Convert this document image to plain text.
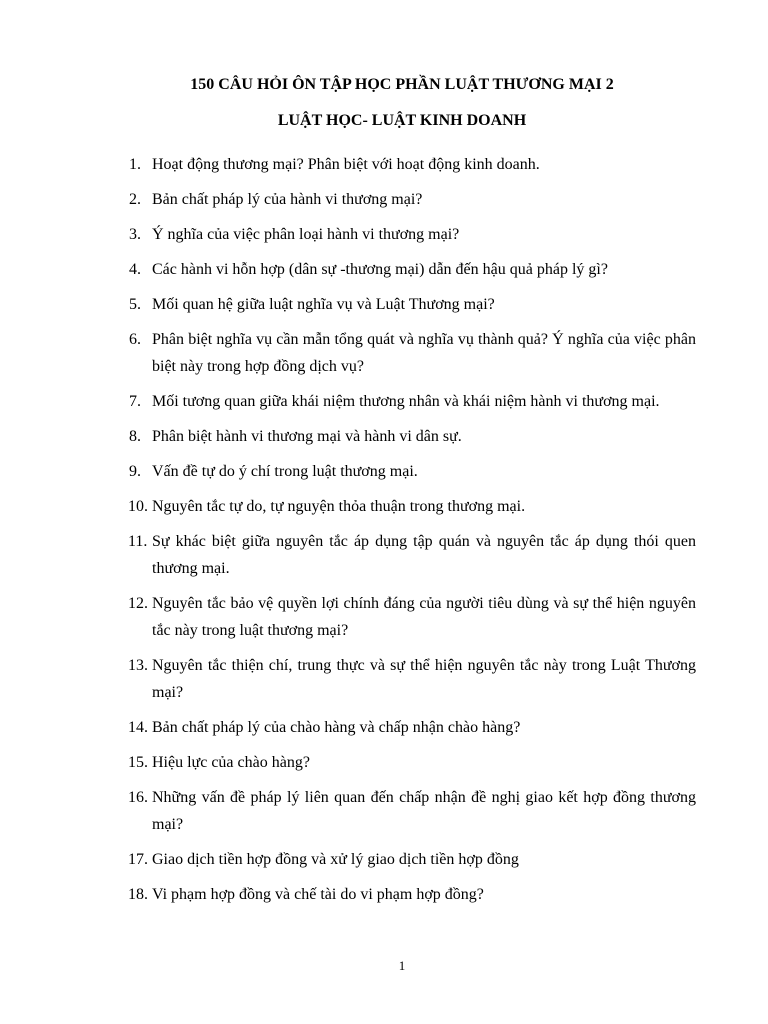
150 CÂU HỎI ÔN TẬP HỌC PHẦN LUẬT THƯƠNG MẠI 2
LUẬT HỌC- LUẬT KINH DOANH
1. Hoạt động thương mại? Phân biệt với hoạt động kinh doanh.
2. Bản chất pháp lý của hành vi thương mại?
3. Ý nghĩa của việc phân loại hành vi thương mại?
4. Các hành vi hỗn hợp (dân sự -thương mại) dẫn đến hậu quả pháp lý gì?
5. Mối quan hệ giữa luật nghĩa vụ và Luật Thương mại?
6. Phân biệt nghĩa vụ cần mẫn tổng quát và nghĩa vụ thành quả? Ý nghĩa của việc phân biệt này trong hợp đồng dịch vụ?
7. Mối tương quan giữa khái niệm thương nhân và khái niệm hành vi thương mại.
8. Phân biệt hành vi thương mại và hành vi dân sự.
9. Vấn đề tự do ý chí trong luật thương mại.
10. Nguyên tắc tự do, tự nguyện thỏa thuận trong thương mại.
11. Sự khác biệt giữa nguyên tắc áp dụng tập quán và nguyên tắc áp dụng thói quen thương mại.
12. Nguyên tắc bảo vệ quyền lợi chính đáng của người tiêu dùng và sự thể hiện nguyên tắc này trong luật thương mại?
13. Nguyên tắc thiện chí, trung thực và sự thể hiện nguyên tắc này trong Luật Thương mại?
14. Bản chất pháp lý của chào hàng và chấp nhận chào hàng?
15. Hiệu lực của chào hàng?
16. Những vấn đề pháp lý liên quan đến chấp nhận đề nghị giao kết hợp đồng thương mại?
17. Giao dịch tiền hợp đồng và xử lý giao dịch tiền hợp đồng
18. Vi phạm hợp đồng và chế tài do vi phạm hợp đồng?
1
